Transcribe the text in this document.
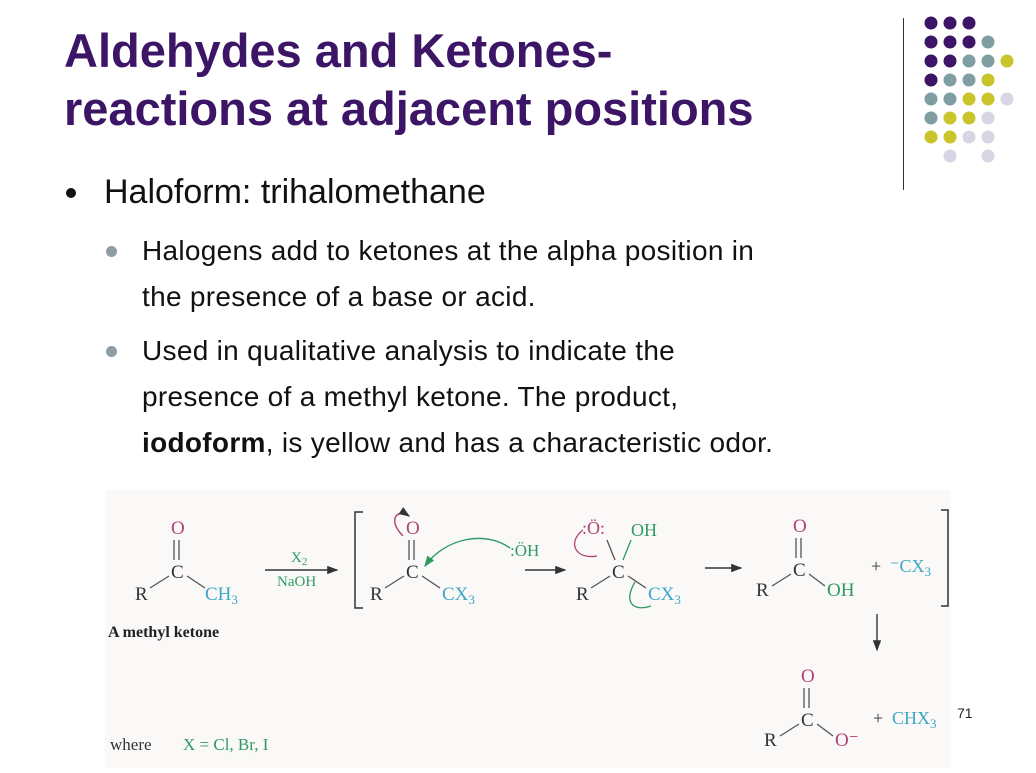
Aldehydes and Ketones-
reactions at adjacent positions
Haloform: trihalomethane
Halogens add to ketones at the alpha position in
the presence of a base or acid.
Used in qualitative analysis to indicate the
presence of a methyl ketone. The product,
iodoform, is yellow and has a characteristic odor.
O
C
R	$CH_3$
A methyl ketone
$X_2$
NaOH
O
C
R	$CX_3$
:ÖH
:Ö: OH
C
R	$CX_3$
O
C
R	OH
+ $^-CX_3$
O
C
R	O⁻
+ $CHX_3$
where X = Cl, Br, I
71
